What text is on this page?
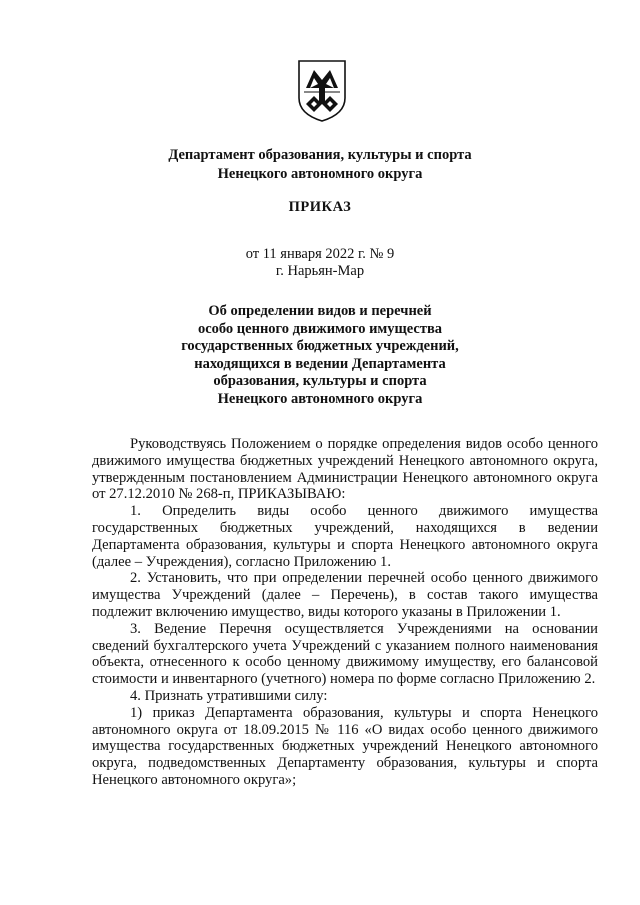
Департамент образования, культуры и спорта
Ненецкого автономного округа
ПРИКАЗ
от 11 января 2022 г. № 9
г. Нарьян-Мар
Об определении видов и перечней
особо ценного движимого имущества
государственных бюджетных учреждений,
находящихся в ведении Департамента
образования, культуры и спорта
Ненецкого автономного округа

Руководствуясь Положением о порядке определения видов особо ценного движимого имущества бюджетных учреждений Ненецкого автономного округа, утвержденным постановлением Администрации Ненецкого автономного округа от 27.12.2010 № 268-п, ПРИКАЗЫВАЮ:

1. Определить виды особо ценного движимого имущества государственных бюджетных учреждений, находящихся в ведении Департамента образования, культуры и спорта Ненецкого автономного округа (далее – Учреждения), согласно Приложению 1.

2. Установить, что при определении перечней особо ценного движимого имущества Учреждений (далее – Перечень), в состав такого имущества подлежит включению имущество, виды которого указаны в Приложении 1.

3. Ведение Перечня осуществляется Учреждениями на основании сведений бухгалтерского учета Учреждений с указанием полного наименования объекта, отнесенного к особо ценному движимому имуществу, его балансовой стоимости и инвентарного (учетного) номера по форме согласно Приложению 2.

4. Признать утратившими силу:

1) приказ Департамента образования, культуры и спорта Ненецкого автономного округа от 18.09.2015 № 116 «О видах особо ценного движимого имущества государственных бюджетных учреждений Ненецкого автономного округа, подведомственных Департаменту образования, культуры и спорта Ненецкого автономного округа»;
